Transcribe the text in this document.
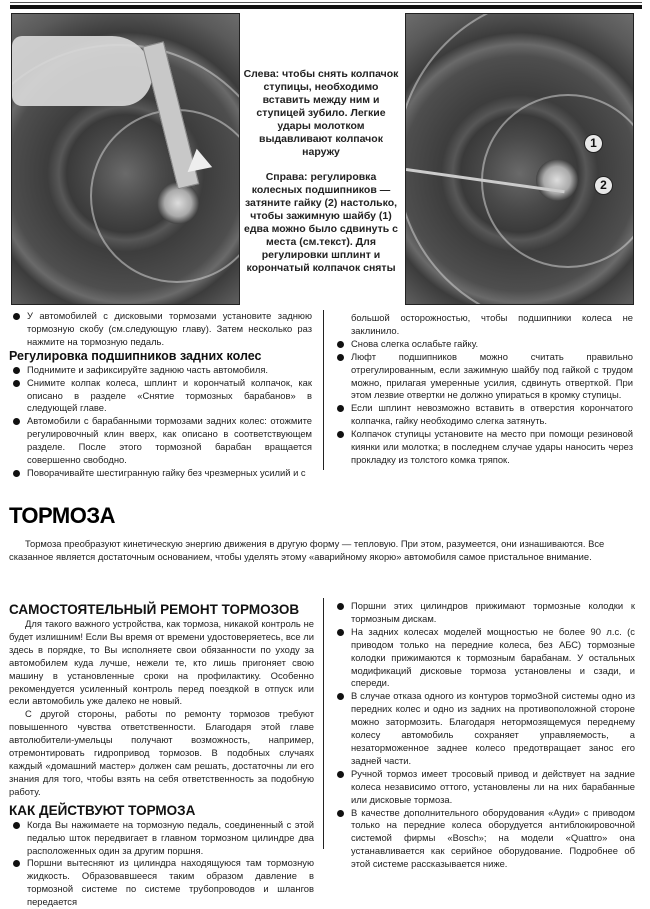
Слева: чтобы снять колпачок ступицы, необходимо вставить между ним и ступицей зубило. Легкие удары молотком выдавливают колпачок наружу

Справа: регулировка колесных подшипников — затяните гайку (2) настолько, чтобы зажимную шайбу (1) едва можно было сдвинуть с места (см.текст). Для регулировки шплинт и корончатый колпачок сняты

1
2
У автомобилей с дисковыми тормозами установите заднюю тормозную скобу (см.следующую главу). Затем несколько раз нажмите на тормозную педаль.

Регулировка подшипников задних колес

Поднимите и зафиксируйте заднюю часть автомобиля.
Снимите колпак колеса, шплинт и корончатый колпачок, как описано в разделе «Снятие тормозных барабанов» в следующей главе.
Автомобили с барабанными тормозами задних колес: отожмите регулировочный клин вверх, как описано в соответствующем разделе. После этого тормозной барабан вращается совершенно свободно.
Поворачивайте шестигранную гайку без чрезмерных усилий и с

большой осторожностью, чтобы подшипники колеса не заклинило.

Снова слегка ослабьте гайку.
Люфт подшипников можно считать правильно отрегулированным, если зажимную шайбу под гайкой с трудом можно, прилагая умеренные усилия, сдвинуть отверткой. При этом лезвие отвертки не должно упираться в кромку ступицы.
Если шплинт невозможно вставить в отверстия корончатого колпачка, гайку необходимо слегка затянуть.
Колпачок ступицы установите на место при помощи резиновой киянки или молотка; в последнем случае удары наносить через прокладку из толстого комка тряпок.
ТОРМОЗА
Тормоза преобразуют кинетическую энергию движения в другую форму — тепловую. При этом, разумеется, они изнашиваются. Все сказанное является достаточным основанием, чтобы уделять этому «аварийному якорю» автомобиля самое пристальное внимание.

САМОСТОЯТЕЛЬНЫЙ РЕМОНТ ТОРМОЗОВ

Для такого важного устройства, как тормоза, никакой контроль не будет излишним! Если Вы время от времени удостоверяетесь, все ли здесь в порядке, то Вы исполняете свои обязанности по уходу за автомобилем куда лучше, нежели те, кто лишь пригоняет свою машину в установленные сроки на профилактику. Особенно рекомендуется усиленный контроль перед поездкой в отпуск или если автомобиль уже далеко не новый.

С другой стороны, работы по ремонту тормозов требуют повышенного чувства ответственности. Благодаря этой главе автолюбители-умельцы получают возможность, например, отремонтировать гидропривод тормозов. В подобных случаях каждый «домашний мастер» должен сам решать, достаточны ли его знания для того, чтобы взять на себя ответственность за подобную работу.

КАК ДЕЙСТВУЮТ ТОРМОЗА

Когда Вы нажимаете на тормозную педаль, соединенный с этой педалью шток передвигает в главном тормозном цилиндре два расположенных один за другим поршня.
Поршни вытесняют из цилиндра находящуюся там тормозную жидкость. Образовавшееся таким образом давление в тормозной системе по системе трубопроводов и шлангов передается
Поршни этих цилиндров прижимают тормозные колодки к тормозным дискам.
На задних колесах моделей мощностью не более 90 л.с. (с приводом только на передние колеса, без АБС) тормозные колодки прижимаются к тормозным барабанам. У остальных модификаций дисковые тормоза установлены и сзади, и спереди.
В случае отказа одного из контуров тормоЗной системы одно из передних колес и одно из задних на противоположной стороне можно затормозить. Благодаря нетормозящемуся переднему колесу автомобиль сохраняет управляемость, а незаторможенное заднее колесо предотвращает занос его задней части.
Ручной тормоз имеет тросовый привод и действует на задние колеса независимо оттого, установлены ли на них барабанные или дисковые тормоза.
В качестве дополнительного оборудования «Ауди» с приводом только на передние колеса оборудуется антиблокировочной системой фирмы «Bosch»; на модели «Quattro» она устанавливается как серийное оборудование. Подробнее об этой системе рассказывается ниже.
